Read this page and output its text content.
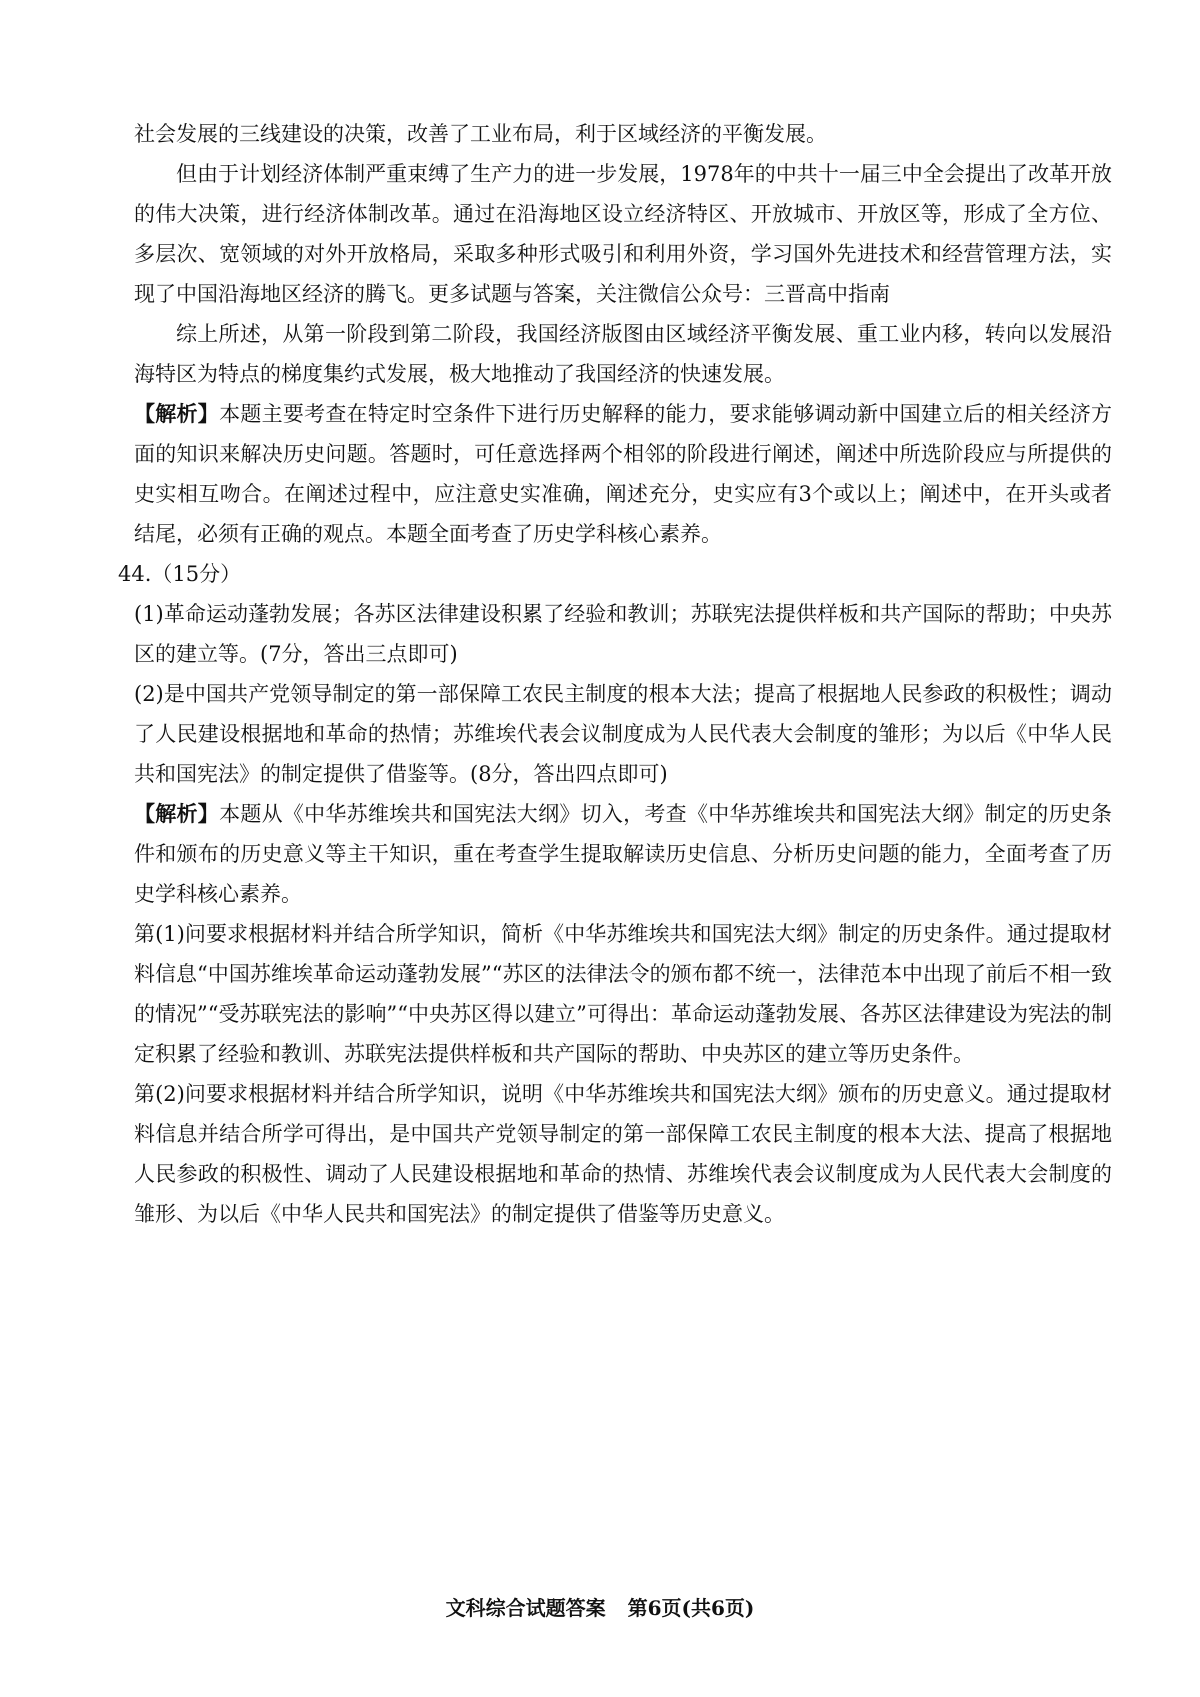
社会发展的三线建设的决策，改善了工业布局，利于区域经济的平衡发展。

但由于计划经济体制严重束缚了生产力的进一步发展，1978年的中共十一届三中全会提出了改革开放的伟大决策，进行经济体制改革。通过在沿海地区设立经济特区、开放城市、开放区等，形成了全方位、多层次、宽领域的对外开放格局，采取多种形式吸引和利用外资，学习国外先进技术和经营管理方法，实现了中国沿海地区经济的腾飞。更多试题与答案，关注微信公众号：三晋高中指南

综上所述，从第一阶段到第二阶段，我国经济版图由区域经济平衡发展、重工业内移，转向以发展沿海特区为特点的梯度集约式发展，极大地推动了我国经济的快速发展。

【解析】本题主要考查在特定时空条件下进行历史解释的能力，要求能够调动新中国建立后的相关经济方面的知识来解决历史问题。答题时，可任意选择两个相邻的阶段进行阐述，阐述中所选阶段应与所提供的史实相互吻合。在阐述过程中，应注意史实准确，阐述充分，史实应有3个或以上；阐述中，在开头或者结尾，必须有正确的观点。本题全面考查了历史学科核心素养。

44.（15分）

(1)革命运动蓬勃发展；各苏区法律建设积累了经验和教训；苏联宪法提供样板和共产国际的帮助；中央苏区的建立等。(7分，答出三点即可)

(2)是中国共产党领导制定的第一部保障工农民主制度的根本大法；提高了根据地人民参政的积极性；调动了人民建设根据地和革命的热情；苏维埃代表会议制度成为人民代表大会制度的雏形；为以后《中华人民共和国宪法》的制定提供了借鉴等。(8分，答出四点即可)

【解析】本题从《中华苏维埃共和国宪法大纲》切入，考查《中华苏维埃共和国宪法大纲》制定的历史条件和颁布的历史意义等主干知识，重在考查学生提取解读历史信息、分析历史问题的能力，全面考查了历史学科核心素养。

第(1)问要求根据材料并结合所学知识，简析《中华苏维埃共和国宪法大纲》制定的历史条件。通过提取材料信息“中国苏维埃革命运动蓬勃发展”“苏区的法律法令的颁布都不统一，法律范本中出现了前后不相一致的情况”“受苏联宪法的影响”“中央苏区得以建立”可得出：革命运动蓬勃发展、各苏区法律建设为宪法的制定积累了经验和教训、苏联宪法提供样板和共产国际的帮助、中央苏区的建立等历史条件。

第(2)问要求根据材料并结合所学知识，说明《中华苏维埃共和国宪法大纲》颁布的历史意义。通过提取材料信息并结合所学可得出，是中国共产党领导制定的第一部保障工农民主制度的根本大法、提高了根据地人民参政的积极性、调动了人民建设根据地和革命的热情、苏维埃代表会议制度成为人民代表大会制度的雏形、为以后《中华人民共和国宪法》的制定提供了借鉴等历史意义。

文科综合试题答案 第6页(共6页)
